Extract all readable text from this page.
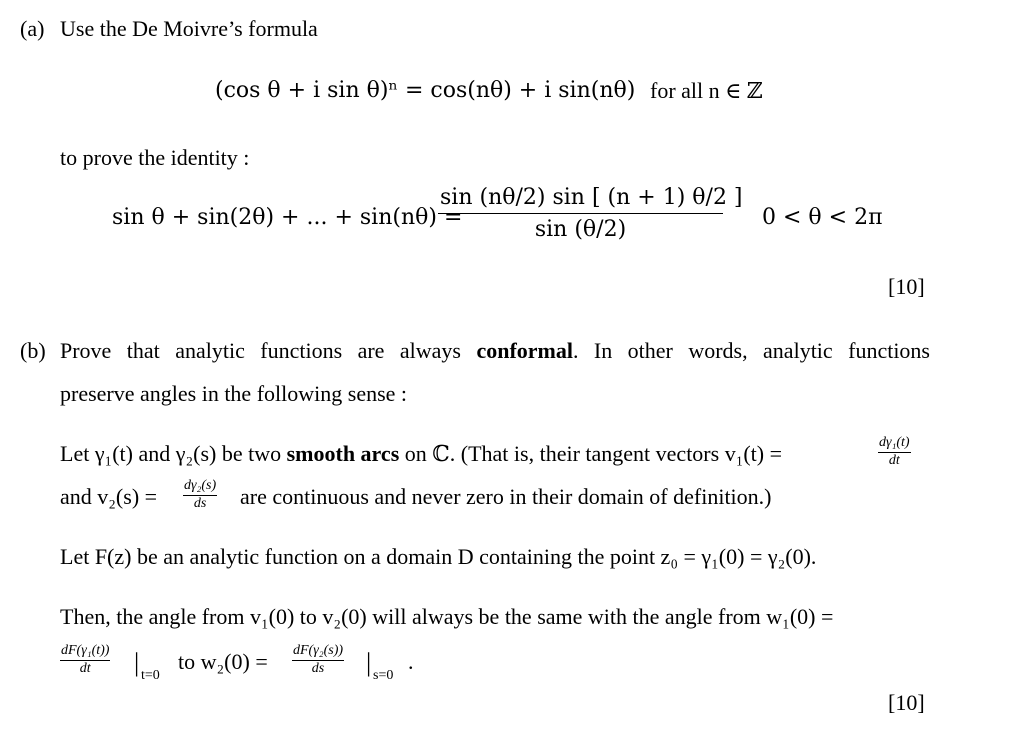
(a) Use the De Moivre’s formula
(cos θ + i sin θ)ⁿ = cos(nθ) + i sin(nθ) for all n ∈ ℤ
to prove the identity :
sin θ + sin(2θ) + ... + sin(nθ) =
$\frac{\sin (n\theta/2) \sin [ (n + 1) \theta/2 ]}{\sin (\theta/2)} 0 < \theta < 2\pi$
[10]
(b) Prove that analytic functions are always conformal. In other words, analytic functions
preserve angles in the following sense :
Let γ₁(t) and γ₂(s) be two smooth arcs on ℂ. (That is, their tangent vectors v₁(t) =	$\frac{\text{dγ₁(t)}}{dt}$
and $v_2(s) = \frac{\text{dγ₂(s)}}{ds}$ are continuous and never zero in their domain of definition.)
Let F(z) be an analytic function on a domain D containing the point z₀ = γ₁(0) = γ₂(0).
Then, the angle from v₁(0) to v₂(0) will always be the same with the angle from w₁(0) =
$\frac{\text{dF(γ₁(t))}}{dt}$ | t=0
to $w_2(0) = \frac{\text{dF(γ₂(s))}}{ds}$ | s=0
.
[10]
